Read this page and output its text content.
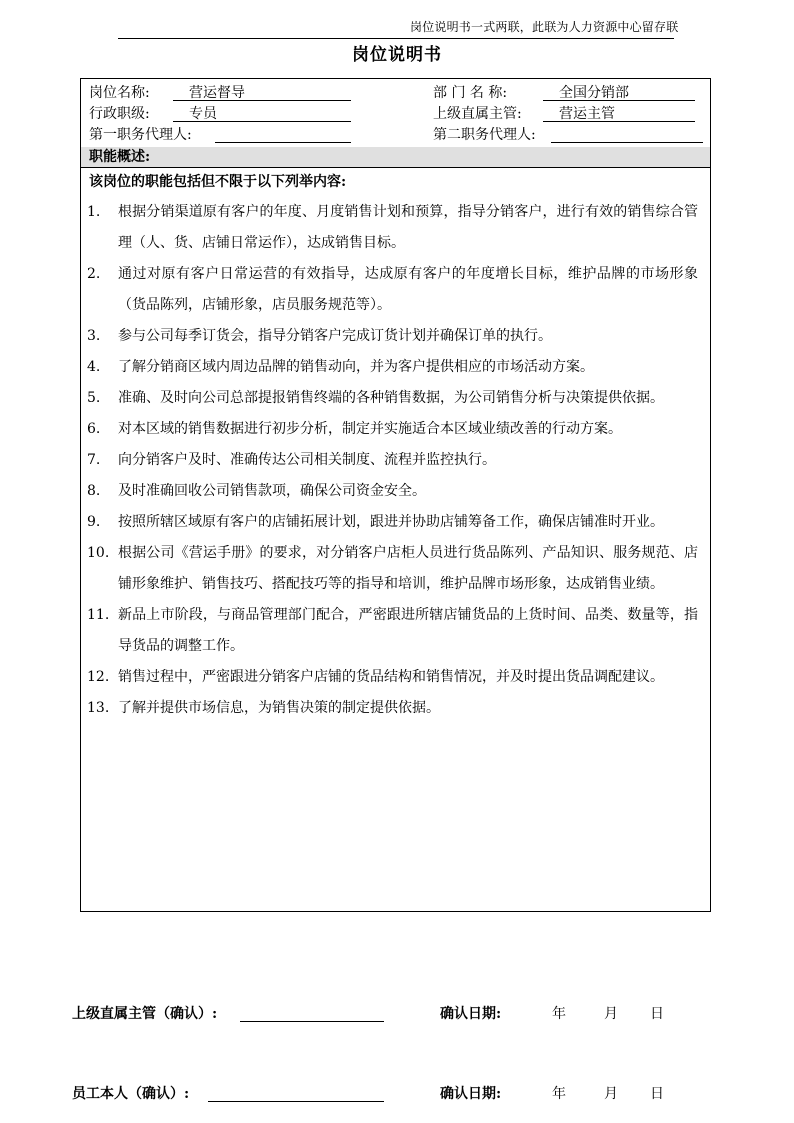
岗位说明书一式两联，此联为人力资源中心留存联
岗位说明书
岗位名称:	营运督导	部 门 名 称:	全国分销部
行政职级:	专员	上级直属主管:	营运主管
第一职务代理人:	第二职务代理人:
职能概述:
该岗位的职能包括但不限于以下列举内容:
1. 根据分销渠道原有客户的年度、月度销售计划和预算，指导分销客户，进行有效的销售综合管理（人、货、店铺日常运作），达成销售目标。
2. 通过对原有客户日常运营的有效指导，达成原有客户的年度增长目标，维护品牌的市场形象（货品陈列，店铺形象，店员服务规范等）。
3. 参与公司每季订货会，指导分销客户完成订货计划并确保订单的执行。
4. 了解分销商区域内周边品牌的销售动向，并为客户提供相应的市场活动方案。
5. 准确、及时向公司总部提报销售终端的各种销售数据，为公司销售分析与决策提供依据。
6. 对本区域的销售数据进行初步分析，制定并实施适合本区域业绩改善的行动方案。
7. 向分销客户及时、准确传达公司相关制度、流程并监控执行。
8. 及时准确回收公司销售款项，确保公司资金安全。
9. 按照所辖区域原有客户的店铺拓展计划，跟进并协助店铺筹备工作，确保店铺准时开业。
10. 根据公司《营运手册》的要求，对分销客户店柜人员进行货品陈列、产品知识、服务规范、店铺形象维护、销售技巧、搭配技巧等的指导和培训，维护品牌市场形象，达成销售业绩。
11. 新品上市阶段，与商品管理部门配合，严密跟进所辖店铺货品的上货时间、品类、数量等，指导货品的调整工作。
12. 销售过程中，严密跟进分销客户店铺的货品结构和销售情况，并及时提出货品调配建议。
13. 了解并提供市场信息，为销售决策的制定提供依据。
上级直属主管（确认）:	确认日期:	年	月 日
员工本人（确认）:	确认日期:	年	月 日
